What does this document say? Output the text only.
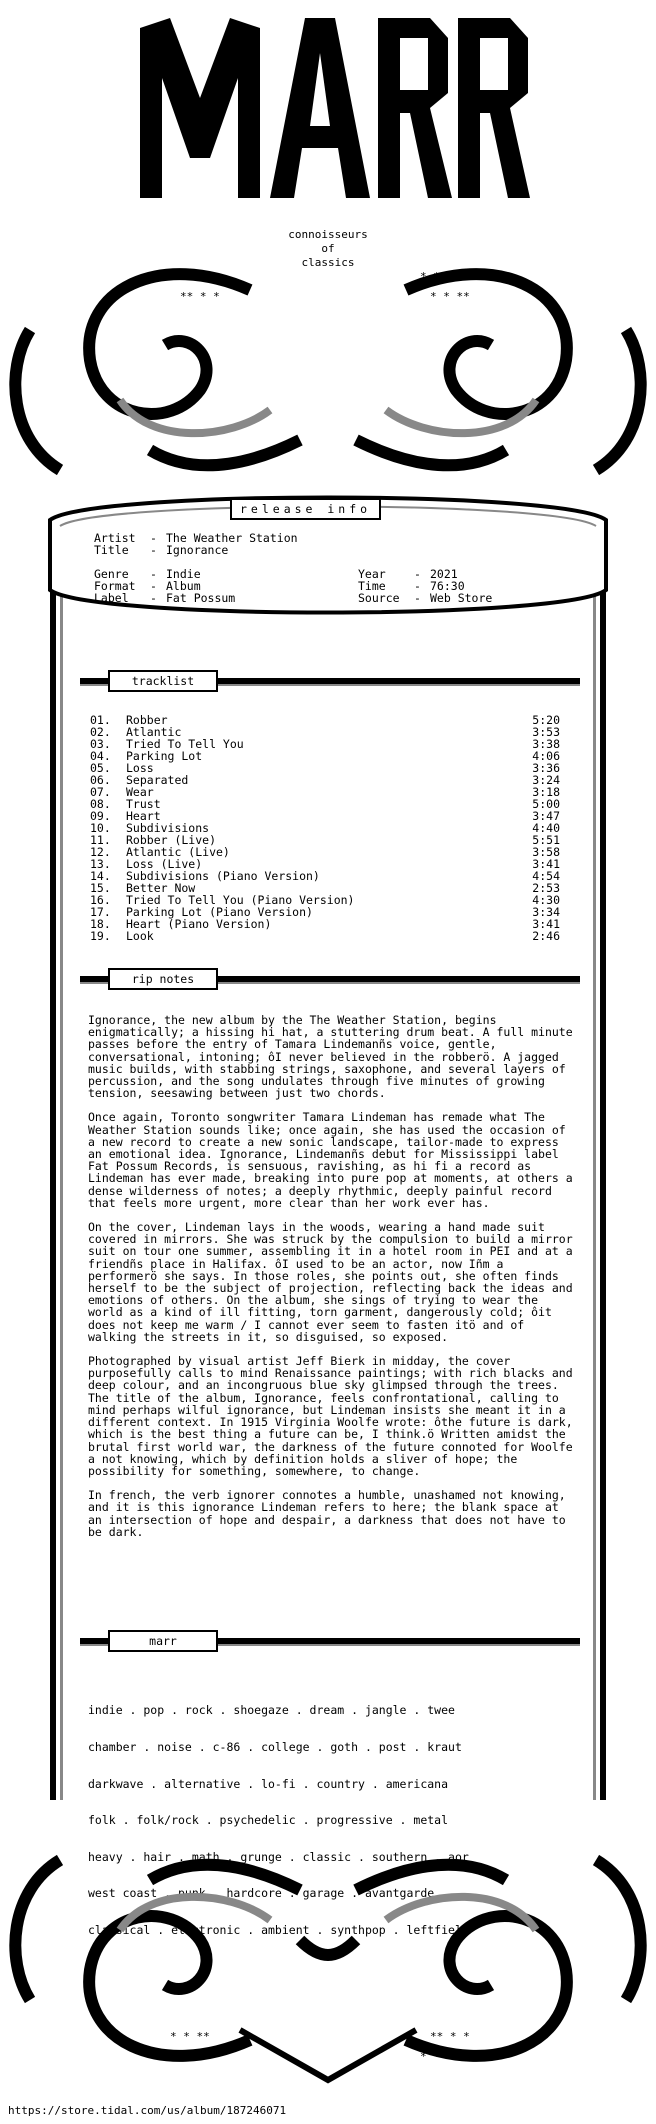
connoisseurs
of
classics
* *** *
** * *
* *** *
* * **
release info
Artist - The Weather Station
Title - Ignorance
Genre - Indie	Year - 2021
Format - Album	Time - 76:30
Label - Fat Possum	Source - Web Store
tracklist
01. Robber	5:20
02. Atlantic	3:53
03. Tried To Tell You	3:38
04. Parking Lot	4:06
05. Loss	3:36
06. Separated	3:24
07. Wear	3:18
08. Trust	5:00
09. Heart	3:47
10. Subdivisions	4:40
11. Robber (Live)	5:51
12. Atlantic (Live)	3:58
13. Loss (Live)	3:41
14. Subdivisions (Piano Version)	4:54
15. Better Now	2:53
16. Tried To Tell You (Piano Version)	4:30
17. Parking Lot (Piano Version)	3:34
18. Heart (Piano Version)	3:41
19. Look	2:46
rip notes

Ignorance, the new album by the The Weather Station, begins enigmatically; a hissing hi hat, a stuttering drum beat. A full minute passes before the entry of Tamara Lindemanñs voice, gentle, conversational, intoning; ôI never believed in the robberö. A jagged music builds, with stabbing strings, saxophone, and several layers of percussion, and the song undulates through five minutes of growing tension, seesawing between just two chords.

Once again, Toronto songwriter Tamara Lindeman has remade what The Weather Station sounds like; once again, she has used the occasion of a new record to create a new sonic landscape, tailor-made to express an emotional idea. Ignorance, Lindemanñs debut for Mississippi label Fat Possum Records, is sensuous, ravishing, as hi fi a record as Lindeman has ever made, breaking into pure pop at moments, at others a dense wilderness of notes; a deeply rhythmic, deeply painful record that feels more urgent, more clear than her work ever has.

On the cover, Lindeman lays in the woods, wearing a hand made suit covered in mirrors. She was struck by the compulsion to build a mirror suit on tour one summer, assembling it in a hotel room in PEI and at a friendñs place in Halifax. ôI used to be an actor, now Iñm a performerö she says. In those roles, she points out, she often finds herself to be the subject of projection, reflecting back the ideas and emotions of others. On the album, she sings of trying to wear the world as a kind of ill fitting, torn garment, dangerously cold; ôit does not keep me warm / I cannot ever seem to fasten itö and of walking the streets in it, so disguised, so exposed.

Photographed by visual artist Jeff Bierk in midday, the cover purposefully calls to mind Renaissance paintings; with rich blacks and deep colour, and an incongruous blue sky glimpsed through the trees. The title of the album, Ignorance, feels confrontational, calling to mind perhaps wilful ignorance, but Lindeman insists she meant it in a different context. In 1915 Virginia Woolfe wrote: ôthe future is dark, which is the best thing a future can be, I think.ö Written amidst the brutal first world war, the darkness of the future connoted for Woolfe a not knowing, which by definition holds a sliver of hope; the possibility for something, somewhere, to change.

In french, the verb ignorer connotes a humble, unashamed not knowing, and it is this ignorance Lindeman refers to here; the blank space at an intersection of hope and despair, a darkness that does not have to be dark.

marr

indie . pop . rock . shoegaze . dream . jangle . twee

chamber . noise . c-86 . college . goth . post . kraut

darkwave . alternative . lo-fi . country . americana

folk . folk/rock . psychedelic . progressive . metal

heavy . hair . math . grunge . classic . southern . aor

west coast . punk . hardcore . garage . avantgarde .

classical . electronic . ambient . synthpop . leftfield

* * **
* *** *
** * *
* *** *
https://store.tidal.com/us/album/187246071
